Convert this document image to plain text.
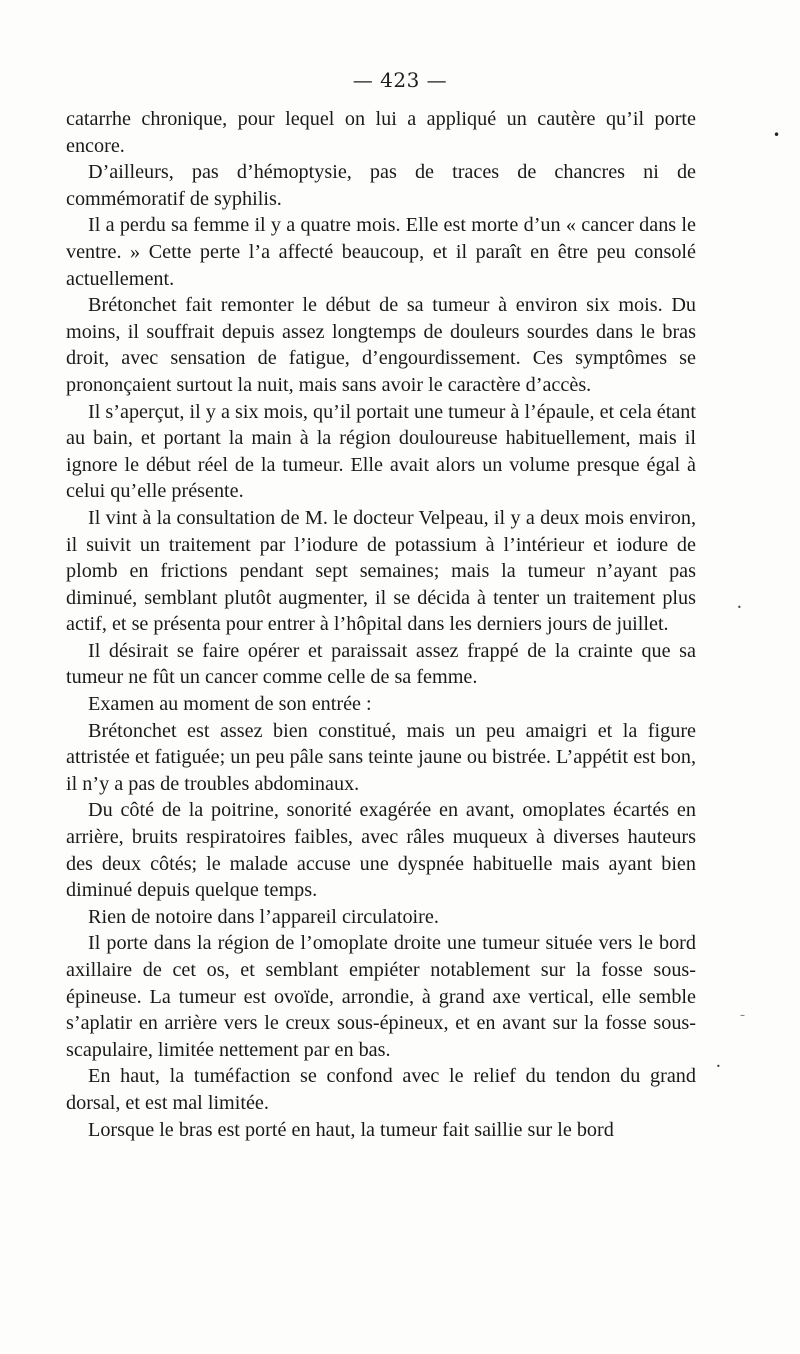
— 423 —

catarrhe chronique, pour lequel on lui a appliqué un cautère qu’il porte encore.

D’ailleurs, pas d’hémoptysie, pas de traces de chancres ni de commémoratif de syphilis.

Il a perdu sa femme il y a quatre mois. Elle est morte d’un « cancer dans le ventre. » Cette perte l’a affecté beaucoup, et il paraît en être peu consolé actuellement.

Brétonchet fait remonter le début de sa tumeur à environ six mois. Du moins, il souffrait depuis assez longtemps de douleurs sourdes dans le bras droit, avec sensation de fatigue, d’engourdissement. Ces symptômes se prononçaient surtout la nuit, mais sans avoir le caractère d’accès.

Il s’aperçut, il y a six mois, qu’il portait une tumeur à l’épaule, et cela étant au bain, et portant la main à la région douloureuse habituellement, mais il ignore le début réel de la tumeur. Elle avait alors un volume presque égal à celui qu’elle présente.

Il vint à la consultation de M. le docteur Velpeau, il y a deux mois environ, il suivit un traitement par l’iodure de potassium à l’intérieur et iodure de plomb en frictions pendant sept semaines; mais la tumeur n’ayant pas diminué, semblant plutôt augmenter, il se décida à tenter un traitement plus actif, et se présenta pour entrer à l’hôpital dans les derniers jours de juillet.

Il désirait se faire opérer et paraissait assez frappé de la crainte que sa tumeur ne fût un cancer comme celle de sa femme.

Examen au moment de son entrée :

Brétonchet est assez bien constitué, mais un peu amaigri et la figure attristée et fatiguée; un peu pâle sans teinte jaune ou bistrée. L’appétit est bon, il n’y a pas de troubles abdominaux.

Du côté de la poitrine, sonorité exagérée en avant, omoplates écartés en arrière, bruits respiratoires faibles, avec râles muqueux à diverses hauteurs des deux côtés; le malade accuse une dyspnée habituelle mais ayant bien diminué depuis quelque temps.

Rien de notoire dans l’appareil circulatoire.

Il porte dans la région de l’omoplate droite une tumeur située vers le bord axillaire de cet os, et semblant empiéter notablement sur la fosse sous-épineuse. La tumeur est ovoïde, arrondie, à grand axe vertical, elle semble s’aplatir en arrière vers le creux sous-épineux, et en avant sur la fosse sous-scapulaire, limitée nettement par en bas.

En haut, la tuméfaction se confond avec le relief du tendon du grand dorsal, et est mal limitée.

Lorsque le bras est porté en haut, la tumeur fait saillie sur le bord

•
–
•
•
